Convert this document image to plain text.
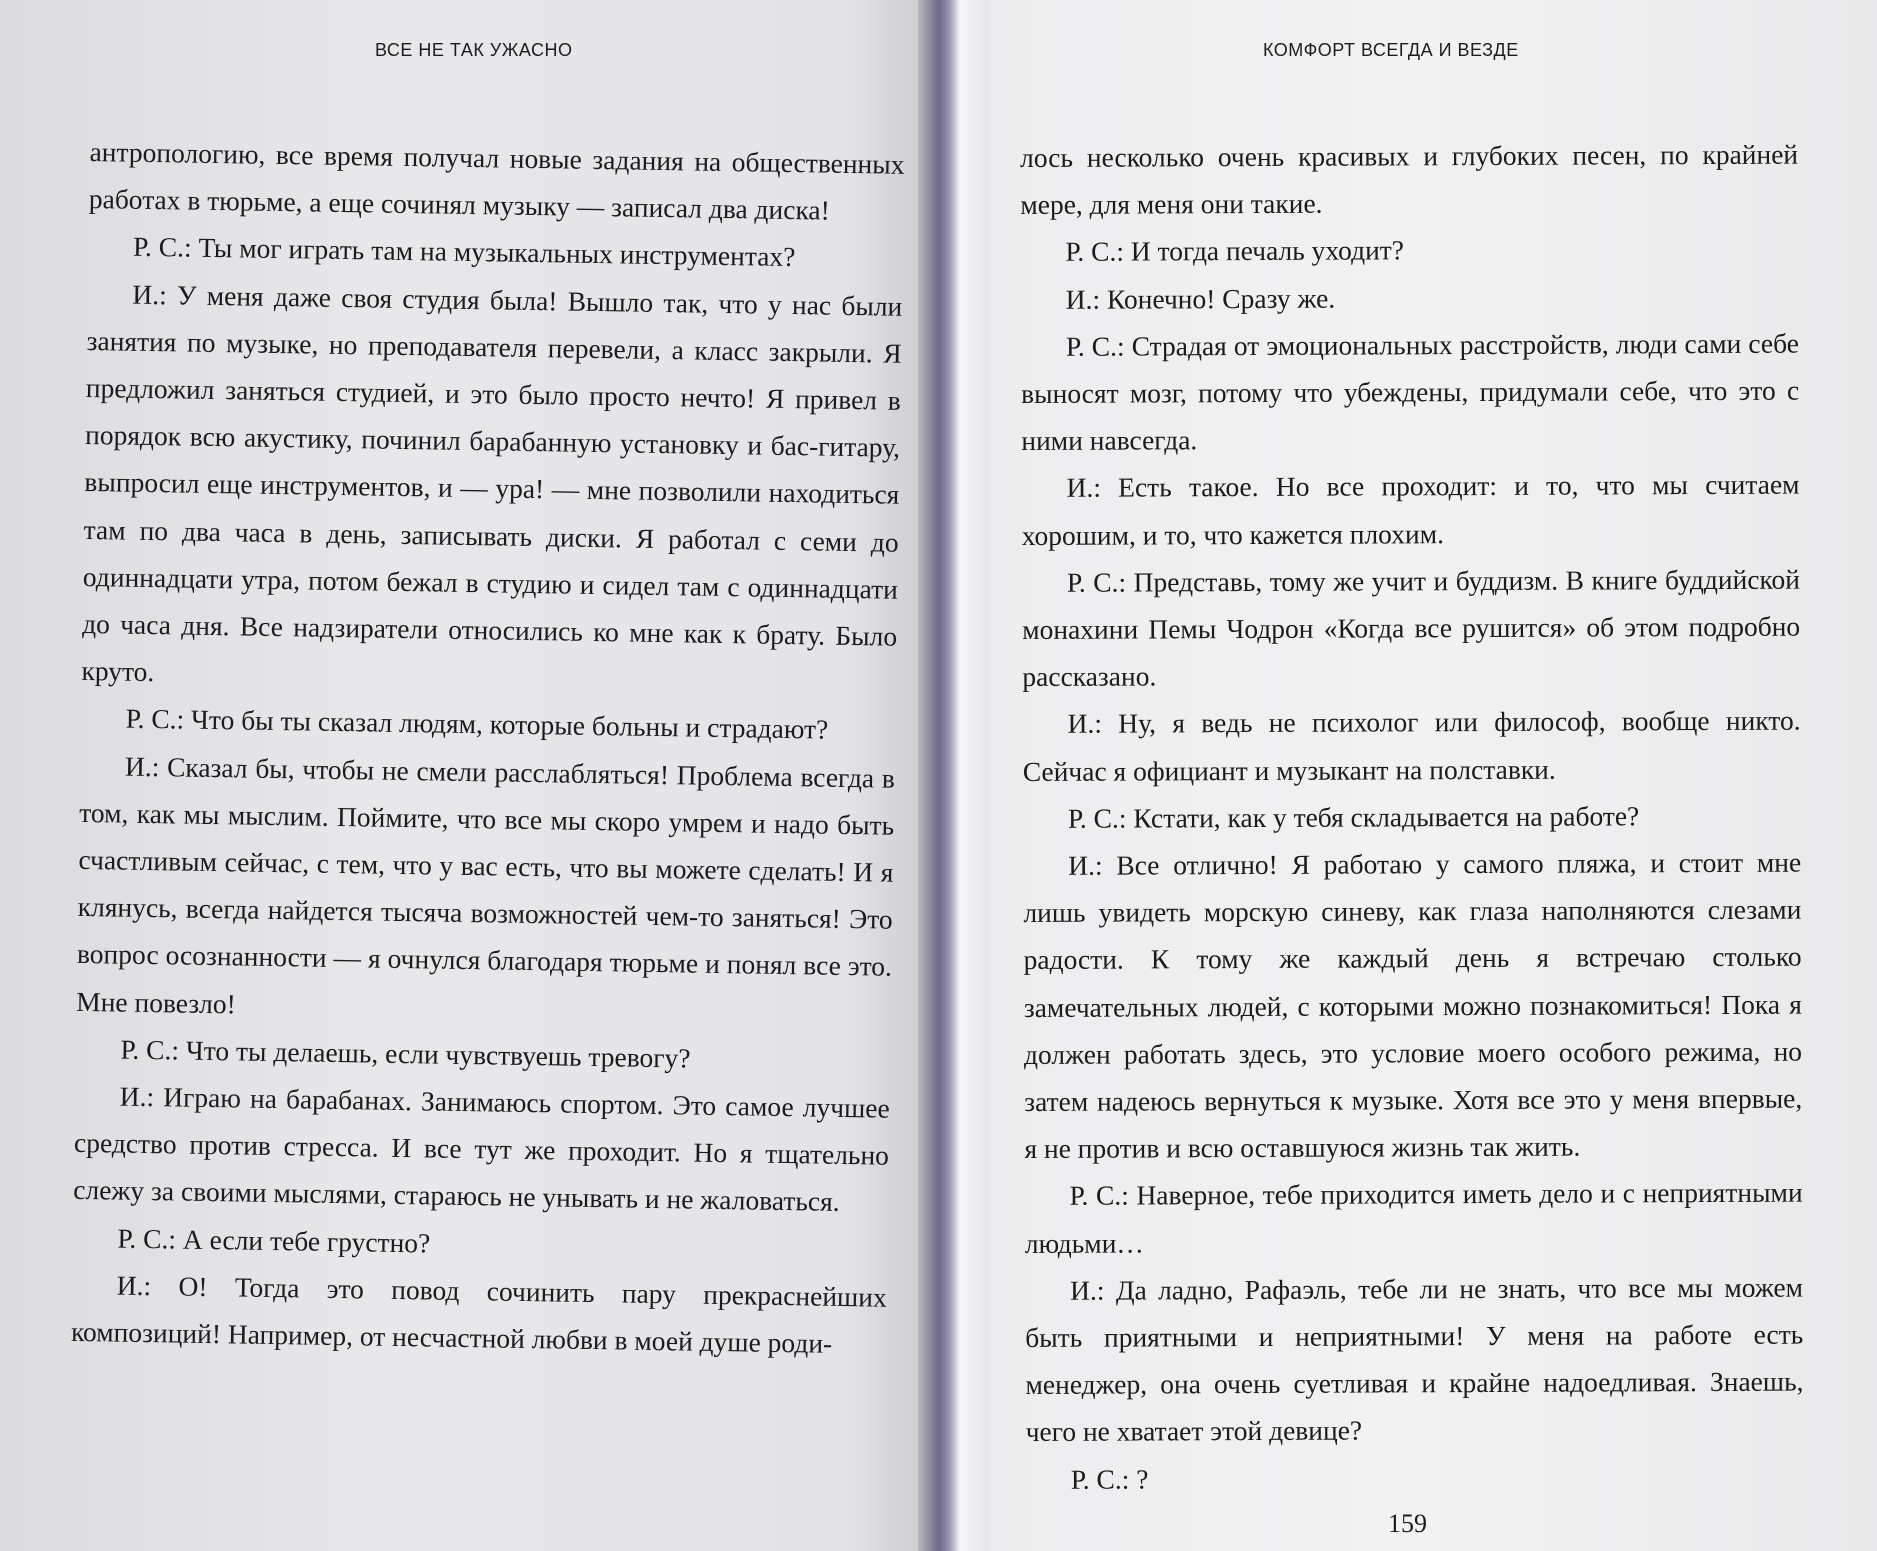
ВСЕ НЕ ТАК УЖАСНО

антропологию, все время получал новые задания на общественных работах в тюрьме, а еще сочинял музыку — записал два диска!

Р. С.: Ты мог играть там на музыкальных инструментах?

И.: У меня даже своя студия была! Вышло так, что у нас были занятия по музыке, но преподавателя перевели, а класс закрыли. Я предложил заняться студией, и это было просто нечто! Я привел в порядок всю акустику, починил барабанную установку и бас-гитару, выпросил еще инструментов, и — ура! — мне позволили находиться там по два часа в день, записывать диски. Я работал с семи до одиннадцати утра, потом бежал в студию и сидел там с одиннадцати до часа дня. Все надзиратели относились ко мне как к брату. Было круто.

Р. С.: Что бы ты сказал людям, которые больны и страдают?

И.: Сказал бы, чтобы не смели расслабляться! Проблема всегда в том, как мы мыслим. Поймите, что все мы скоро умрем и надо быть счастливым сейчас, с тем, что у вас есть, что вы можете сделать! И я клянусь, всегда найдется тысяча возможностей чем-то заняться! Это вопрос осознанности — я очнулся благодаря тюрьме и понял все это. Мне повезло!

Р. С.: Что ты делаешь, если чувствуешь тревогу?

И.: Играю на барабанах. Занимаюсь спортом. Это самое лучшее средство против стресса. И все тут же проходит. Но я тщательно слежу за своими мыслями, стараюсь не унывать и не жаловаться.

Р. С.: А если тебе грустно?

И.: О! Тогда это повод сочинить пару прекраснейших композиций! Например, от несчастной любви в моей душе роди-

КОМФОРТ ВСЕГДА И ВЕЗДЕ

лось несколько очень красивых и глубоких песен, по крайней мере, для меня они такие.

Р. С.: И тогда печаль уходит?

И.: Конечно! Сразу же.

Р. С.: Страдая от эмоциональных расстройств, люди сами себе выносят мозг, потому что убеждены, придумали себе, что это с ними навсегда.

И.: Есть такое. Но все проходит: и то, что мы считаем хорошим, и то, что кажется плохим.

Р. С.: Представь, тому же учит и буддизм. В книге буддийской монахини Пемы Чодрон «Когда все рушится» об этом подробно рассказано.

И.: Ну, я ведь не психолог или философ, вообще никто. Сейчас я официант и музыкант на полставки.

Р. С.: Кстати, как у тебя складывается на работе?

И.: Все отлично! Я работаю у самого пляжа, и стоит мне лишь увидеть морскую синеву, как глаза наполняются слезами радости. К тому же каждый день я встречаю столько замечательных людей, с которыми можно познакомиться! Пока я должен работать здесь, это условие моего особого режима, но затем надеюсь вернуться к музыке. Хотя все это у меня впервые, я не против и всю оставшуюся жизнь так жить.

Р. С.: Наверное, тебе приходится иметь дело и с неприятными людьми…

И.: Да ладно, Рафаэль, тебе ли не знать, что все мы можем быть приятными и неприятными! У меня на работе есть менеджер, она очень суетливая и крайне надоедливая. Знаешь, чего не хватает этой девице?

Р. С.: ?

159
